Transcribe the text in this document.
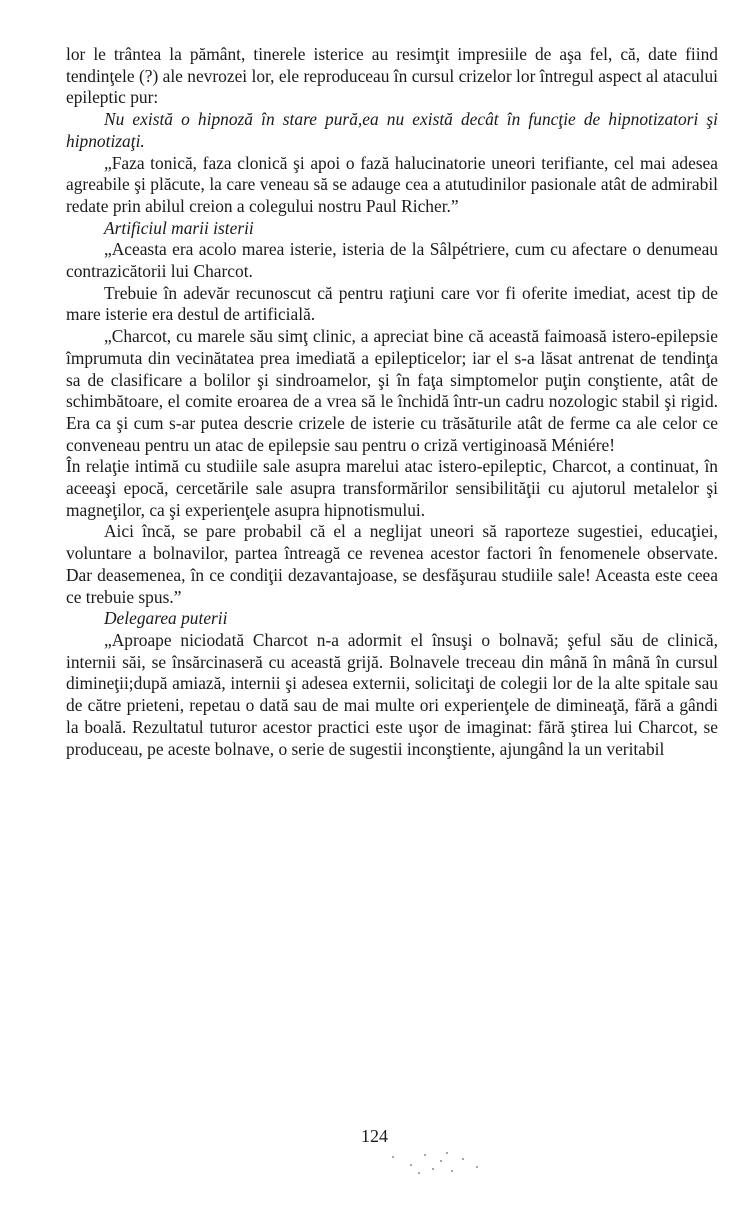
lor le trântea la pământ, tinerele isterice au resimţit impresiile de aşa fel, că, date fiind tendinţele (?) ale nevrozei lor, ele reproduceau în cursul crizelor lor întregul aspect al atacului epileptic pur:

Nu există o hipnoză în stare pură,ea nu există decât în funcţie de hipnotizatori şi hipnotizaţi.

„Faza tonică, faza clonică şi apoi o fază halucinatorie uneori terifiante, cel mai adesea agreabile şi plăcute, la care veneau să se adauge cea a atutudinilor pasionale atât de admirabil redate prin abilul creion a colegului nostru Paul Richer.”

Artificiul marii isterii

„Aceasta era acolo marea isterie, isteria de la Sâlpétriere, cum cu afectare o denumeau contrazicătorii lui Charcot.

Trebuie în adevăr recunoscut că pentru raţiuni care vor fi oferite imediat, acest tip de mare isterie era destul de artificială.

„Charcot, cu marele său simţ clinic, a apreciat bine că această faimoasă istero-epilepsie împrumuta din vecinătatea prea imediată a epilepticelor; iar el s-a lăsat antrenat de tendinţa sa de clasificare a bolilor şi sindroamelor, şi în faţa simptomelor puţin conştiente, atât de schimbătoare, el comite eroarea de a vrea să le închidă într-un cadru nozologic stabil şi rigid. Era ca şi cum s-ar putea descrie crizele de isterie cu trăsăturile atât de ferme ca ale celor ce conveneau pentru un atac de epilepsie sau pentru o criză vertiginoasă Méniére!

În relaţie intimă cu studiile sale asupra marelui atac istero-epileptic, Charcot, a continuat, în aceeaşi epocă, cercetările sale asupra transformărilor sensibilităţii cu ajutorul metalelor şi magneţilor, ca şi experienţele asupra hipnotismului.

Aici încă, se pare probabil că el a neglijat uneori să raporteze sugestiei, educaţiei, voluntare a bolnavilor, partea întreagă ce revenea acestor factori în fenomenele observate. Dar deasemenea, în ce condiţii dezavantajoase, se desfăşurau studiile sale! Aceasta este ceea ce trebuie spus.”

Delegarea puterii

„Aproape niciodată Charcot n-a adormit el însuşi o bolnavă; şeful său de clinică, internii săi, se însărcinaseră cu această grijă. Bolnavele treceau din mână în mână în cursul dimineţii;după amiază, internii şi adesea externii, solicitaţi de colegii lor de la alte spitale sau de către prieteni, repetau o dată sau de mai multe ori experienţele de dimineaţă, fără a gândi la boală. Rezultatul tuturor acestor practici este uşor de imaginat: fără ştirea lui Charcot, se produceau, pe aceste bolnave, o serie de sugestii inconştiente, ajungând la un veritabil

124
